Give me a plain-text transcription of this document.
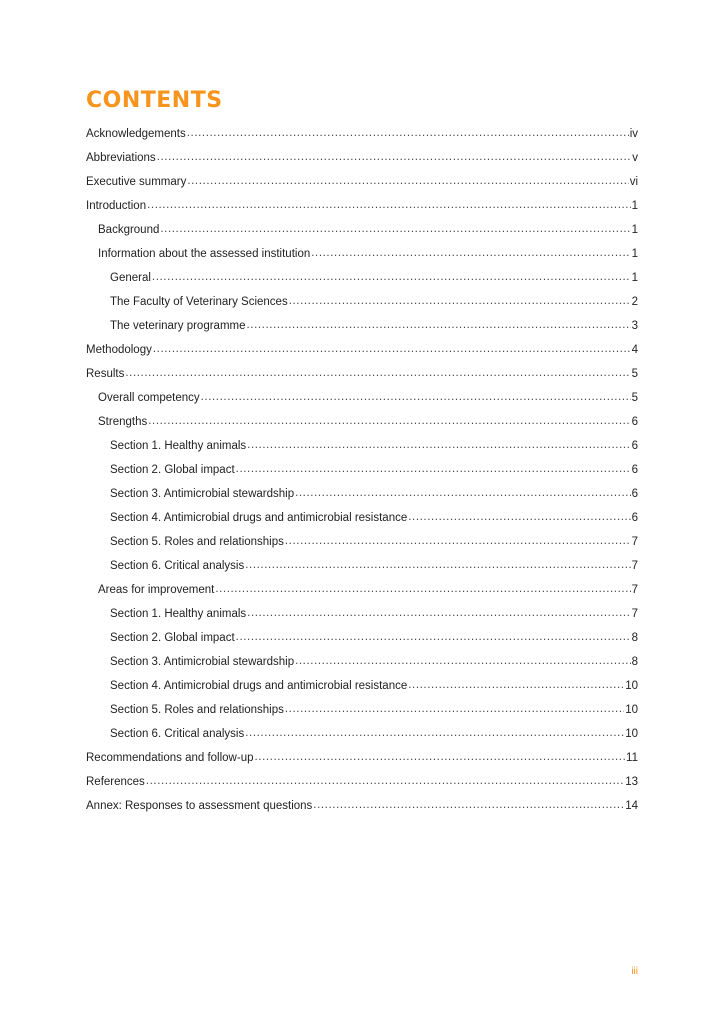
CONTENTS
Acknowledgements .....	iv
Abbreviations .....	v
Executive summary .....	vi
Introduction .....	1
Background .....	1
Information about the assessed institution .....	1
General .....	1
The Faculty of Veterinary Sciences .....	2
The veterinary programme .....	3
Methodology .....	4
Results .....	5
Overall competency .....	5
Strengths .....	6
Section 1. Healthy animals .....	6
Section 2. Global impact .....	6
Section 3. Antimicrobial stewardship .....	6
Section 4. Antimicrobial drugs and antimicrobial resistance .....	6
Section 5. Roles and relationships .....	7
Section 6. Critical analysis .....	7
Areas for improvement .....	7
Section 1. Healthy animals .....	7
Section 2. Global impact .....	8
Section 3. Antimicrobial stewardship .....	8
Section 4. Antimicrobial drugs and antimicrobial resistance .....	10
Section 5. Roles and relationships .....	10
Section 6. Critical analysis .....	10
Recommendations and follow-up .....	11
References .....	13
Annex: Responses to assessment questions .....	14
iii
